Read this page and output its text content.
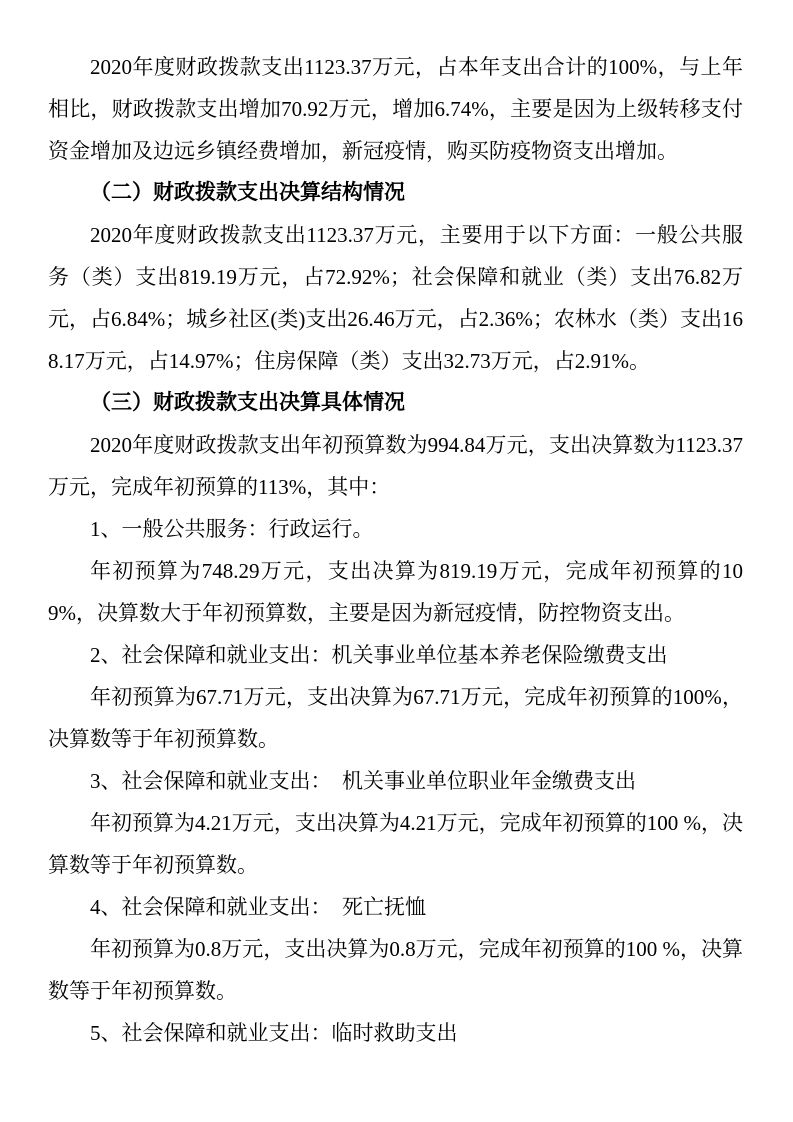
2020年度财政拨款支出1123.37万元，占本年支出合计的100%，与上年相比，财政拨款支出增加70.92万元，增加6.74%，主要是因为上级转移支付资金增加及边远乡镇经费增加，新冠疫情，购买防疫物资支出增加。

（二）财政拨款支出决算结构情况

2020年度财政拨款支出1123.37万元，主要用于以下方面：一般公共服务（类）支出819.19万元，占72.92%；社会保障和就业（类）支出76.82万元，占6.84%；城乡社区(类)支出26.46万元，占2.36%；农林水（类）支出168.17万元，占14.97%；住房保障（类）支出32.73万元，占2.91%。

（三）财政拨款支出决算具体情况

2020年度财政拨款支出年初预算数为994.84万元，支出决算数为1123.37万元，完成年初预算的113%，其中：

1、一般公共服务：行政运行。

年初预算为748.29万元，支出决算为819.19万元，完成年初预算的109%，决算数大于年初预算数，主要是因为新冠疫情，防控物资支出。

2、社会保障和就业支出：机关事业单位基本养老保险缴费支出

年初预算为67.71万元，支出决算为67.71万元，完成年初预算的100%，决算数等于年初预算数。

3、社会保障和就业支出：　机关事业单位职业年金缴费支出

年初预算为4.21万元，支出决算为4.21万元，完成年初预算的100 %，决算数等于年初预算数。

4、社会保障和就业支出：　死亡抚恤

年初预算为0.8万元，支出决算为0.8万元，完成年初预算的100 %，决算数等于年初预算数。

5、社会保障和就业支出：临时救助支出
